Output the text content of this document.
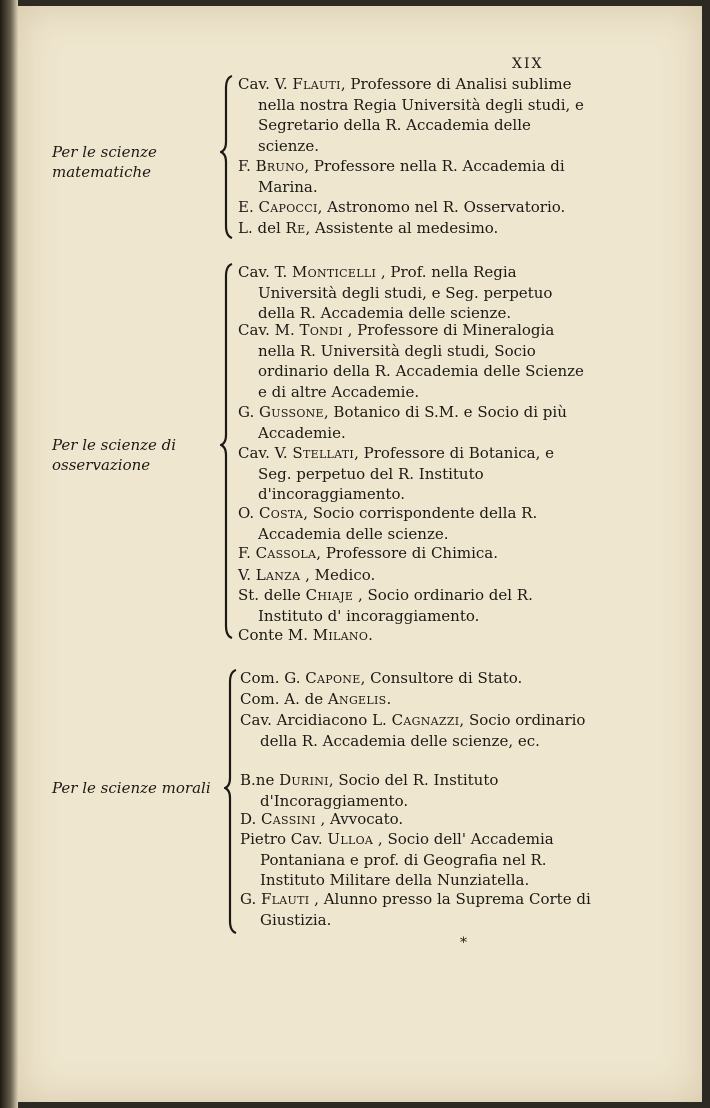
XIX
Per le scienze matematiche

Cav. V. Flauti, Professore di Analisi sublime nella nostra Regia Università degli studi, e Segretario della R. Accademia delle scienze.

F. Bruno, Professore nella R. Accademia di Marina.

E. Capocci, Astronomo nel R. Osservatorio.

L. del Re, Assistente al medesimo.

Per le scienze di osservazione

Cav. T. Monticelli , Prof. nella Regia Università degli studi, e Seg. perpetuo della R. Accademia delle scienze.

Cav. M. Tondi , Professore di Mineralogia nella R. Università degli studi, Socio ordinario della R. Accademia delle Scienze e di altre Accademie.

G. Gussone, Botanico di S.M. e Socio di più Accademie.

Cav. V. Stellati, Professore di Botanica, e Seg. perpetuo del R. Instituto d'incoraggiamento.

O. Costa, Socio corrispondente della R. Accademia delle scienze.

F. Cassola, Professore di Chimica.

V. Lanza , Medico.

St. delle Chiaje , Socio ordinario del R. Instituto d' incoraggiamento.

Conte M. Milano.

Per le scienze morali

Com. G. Capone, Consultore di Stato.

Com. A. de Angelis.

Cav. Arcidiacono L. Cagnazzi, Socio ordinario della R. Accademia delle scienze, ec.

B.ne Durini, Socio del R. Instituto d'Incoraggiamento.

D. Cassini , Avvocato.

Pietro Cav. Ulloa , Socio dell' Accademia Pontaniana e prof. di Geografia nel R. Instituto Militare della Nunziatella.

G. Flauti , Alunno presso la Suprema Corte di Giustizia.

*
